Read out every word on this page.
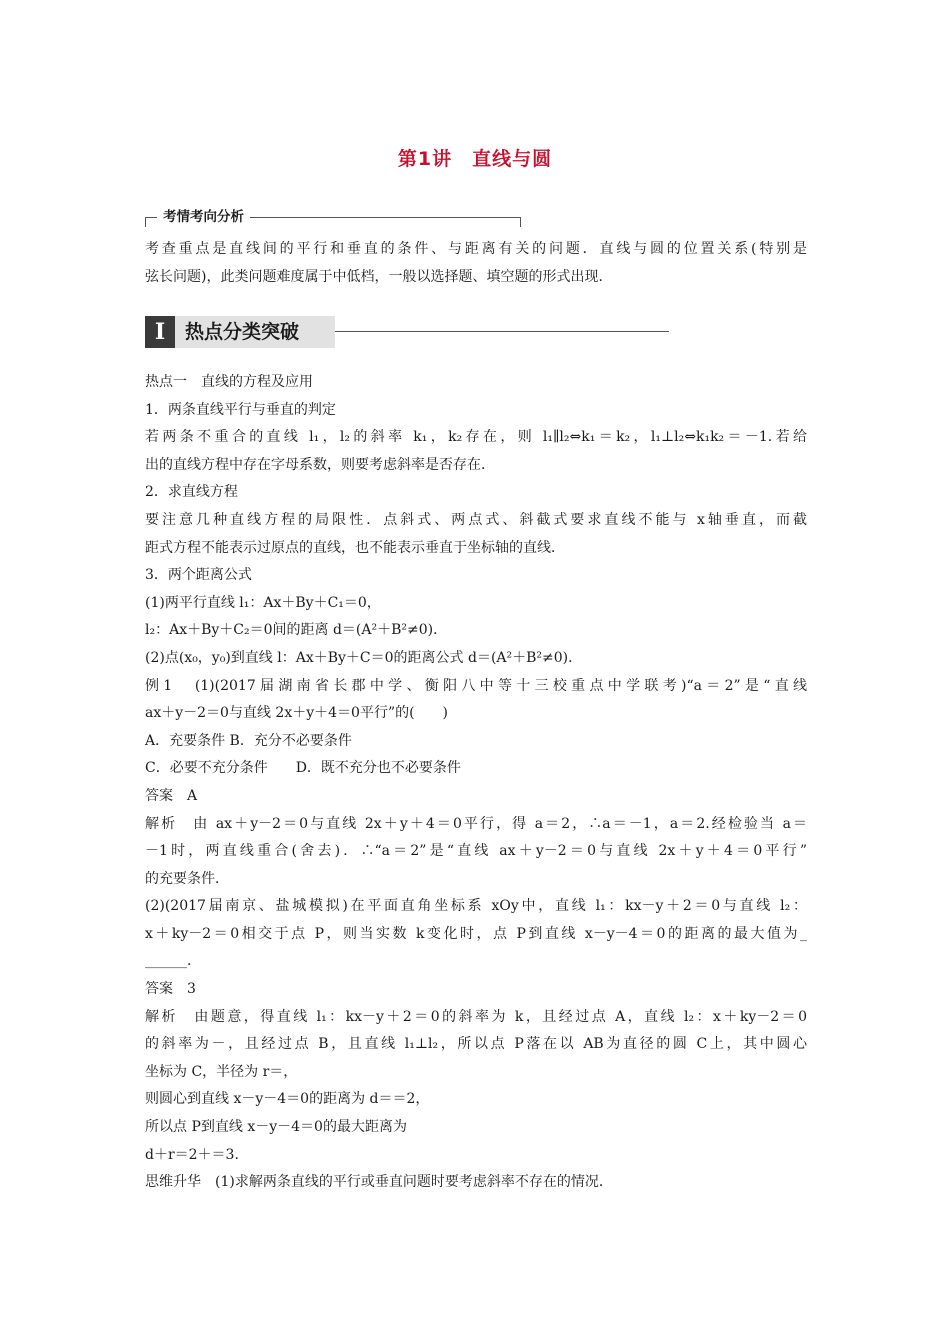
第1讲　直线与圆
考情考向分析
考查重点是直线间的平行和垂直的条件、与距离有关的问题．直线与圆的位置关系(特别是
弦长问题)，此类问题难度属于中低档，一般以选择题、填空题的形式出现．
I	热点分类突破
热点一　直线的方程及应用
1．两条直线平行与垂直的判定
若两条不重合的直线 l₁，l₂的斜率 k₁，k₂存在，则 l₁∥l₂⇔k₁＝k₂，l₁⊥l₂⇔k₁k₂＝－1.若给
出的直线方程中存在字母系数，则要考虑斜率是否存在．
2．求直线方程
要注意几种直线方程的局限性．点斜式、两点式、斜截式要求直线不能与 x轴垂直，而截
距式方程不能表示过原点的直线，也不能表示垂直于坐标轴的直线．
3．两个距离公式
(1)两平行直线 l₁：Ax＋By＋C₁＝0，
l₂：Ax＋By＋C₂＝0间的距离 d＝(A²＋B²≠0)．
(2)点(x₀，y₀)到直线 l：Ax＋By＋C＝0的距离公式 d＝(A²＋B²≠0)．
例1　(1)(2017届湖南省长郡中学、衡阳八中等十三校重点中学联考)“a＝2”是“直线
ax＋y－2＝0与直线 2x＋y＋4＝0平行”的(　　)
A．充要条件 B．充分不必要条件
C．必要不充分条件　　D．既不充分也不必要条件
答案　A
解析　由 ax＋y－2＝0与直线 2x＋y＋4＝0平行，得 a＝2，∴a＝－1，a＝2.经检验当 a＝
－1时，两直线重合(舍去)．∴“a＝2”是“直线 ax＋y－2＝0与直线 2x＋y＋4＝0平行”
的充要条件．
(2)(2017届南京、盐城模拟)在平面直角坐标系 xOy中，直线 l₁：kx－y＋2＝0与直线 l₂：
x＋ky－2＝0相交于点 P，则当实数 k变化时，点 P到直线 x－y－4＝0的距离的最大值为_
______．
答案　3
解析　由题意，得直线 l₁：kx－y＋2＝0的斜率为 k，且经过点 A，直线 l₂：x＋ky－2＝0
的斜率为－，且经过点 B，且直线 l₁⊥l₂，所以点 P落在以 AB为直径的圆 C上，其中圆心
坐标为 C，半径为 r＝，
则圆心到直线 x－y－4＝0的距离为 d＝＝2，
所以点 P到直线 x－y－4＝0的最大距离为
d＋r＝2＋＝3.
思维升华　(1)求解两条直线的平行或垂直问题时要考虑斜率不存在的情况．
